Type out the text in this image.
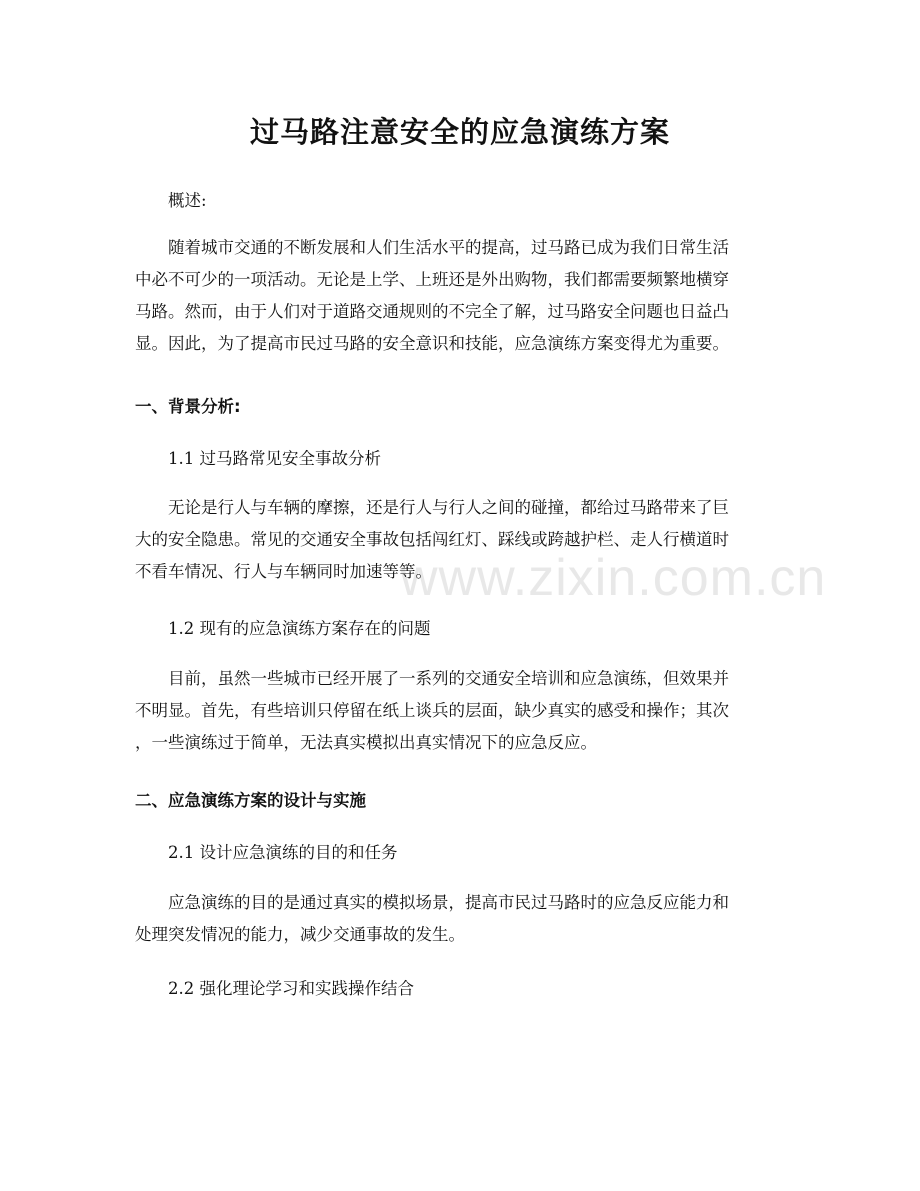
www.zixin.com.cn
过马路注意安全的应急演练方案
概述:
随着城市交通的不断发展和人们生活水平的提高，过马路已成为我们日常生活
中必不可少的一项活动。无论是上学、上班还是外出购物，我们都需要频繁地横穿
马路。然而，由于人们对于道路交通规则的不完全了解，过马路安全问题也日益凸
显。因此，为了提高市民过马路的安全意识和技能，应急演练方案变得尤为重要。
一、背景分析:
1.1 过马路常见安全事故分析
无论是行人与车辆的摩擦，还是行人与行人之间的碰撞，都给过马路带来了巨
大的安全隐患。常见的交通安全事故包括闯红灯、踩线或跨越护栏、走人行横道时
不看车情况、行人与车辆同时加速等等。
1.2 现有的应急演练方案存在的问题
目前，虽然一些城市已经开展了一系列的交通安全培训和应急演练，但效果并
不明显。首先，有些培训只停留在纸上谈兵的层面，缺少真实的感受和操作；其次
，一些演练过于简单，无法真实模拟出真实情况下的应急反应。
二、应急演练方案的设计与实施
2.1 设计应急演练的目的和任务
应急演练的目的是通过真实的模拟场景，提高市民过马路时的应急反应能力和
处理突发情况的能力，减少交通事故的发生。
2.2 强化理论学习和实践操作结合
